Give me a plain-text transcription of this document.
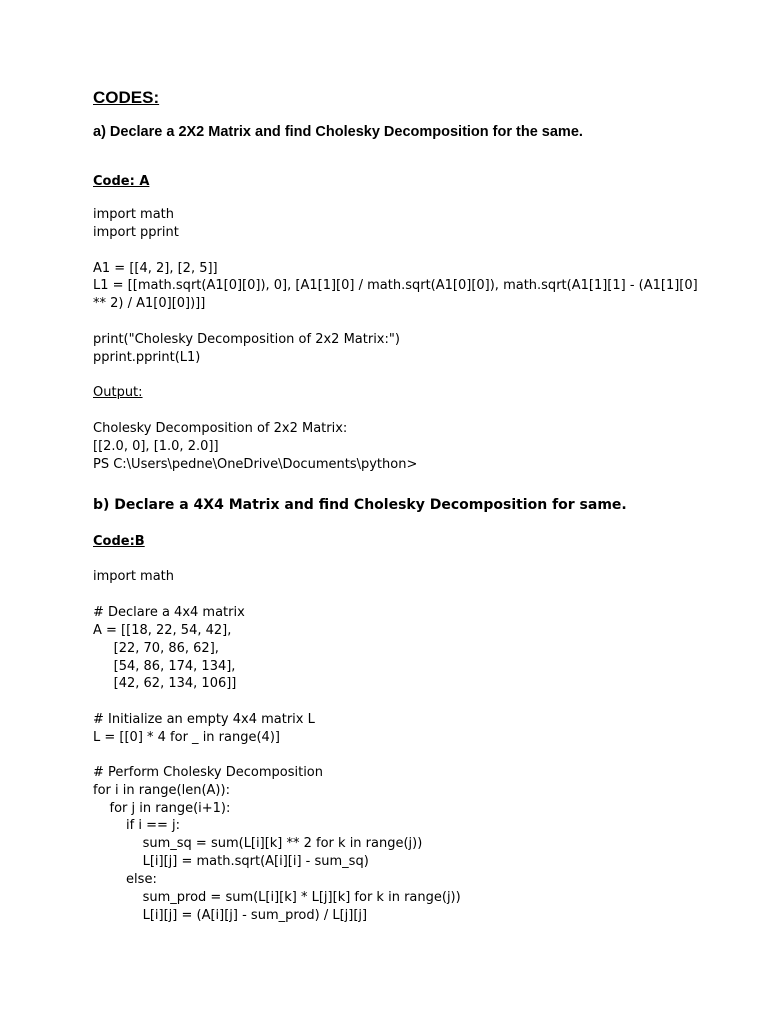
CODES:
a) Declare a 2X2 Matrix and find Cholesky Decomposition for the same.
Code: A
import math
import pprint
A1 = [[4, 2], [2, 5]]
L1 = [[math.sqrt(A1[0][0]), 0], [A1[1][0] / math.sqrt(A1[0][0]), math.sqrt(A1[1][1] - (A1[1][0]
** 2) / A1[0][0])]]
print("Cholesky Decomposition of 2x2 Matrix:")
pprint.pprint(L1)
Output:
Cholesky Decomposition of 2x2 Matrix:
[[2.0, 0], [1.0, 2.0]]
PS C:\Users\pedne\OneDrive\Documents\python>
b) Declare a 4X4 Matrix and find Cholesky Decomposition for same.
Code:B
import math
# Declare a 4x4 matrix
A = [[18, 22, 54, 42],
[22, 70, 86, 62],
[54, 86, 174, 134],
[42, 62, 134, 106]]
# Initialize an empty 4x4 matrix L
L = [[0] * 4 for _ in range(4)]
# Perform Cholesky Decomposition
for i in range(len(A)):
for j in range(i+1):
if i == j:
sum_sq = sum(L[i][k] ** 2 for k in range(j))
L[i][j] = math.sqrt(A[i][i] - sum_sq)
else:
sum_prod = sum(L[i][k] * L[j][k] for k in range(j))
L[i][j] = (A[i][j] - sum_prod) / L[j][j]
